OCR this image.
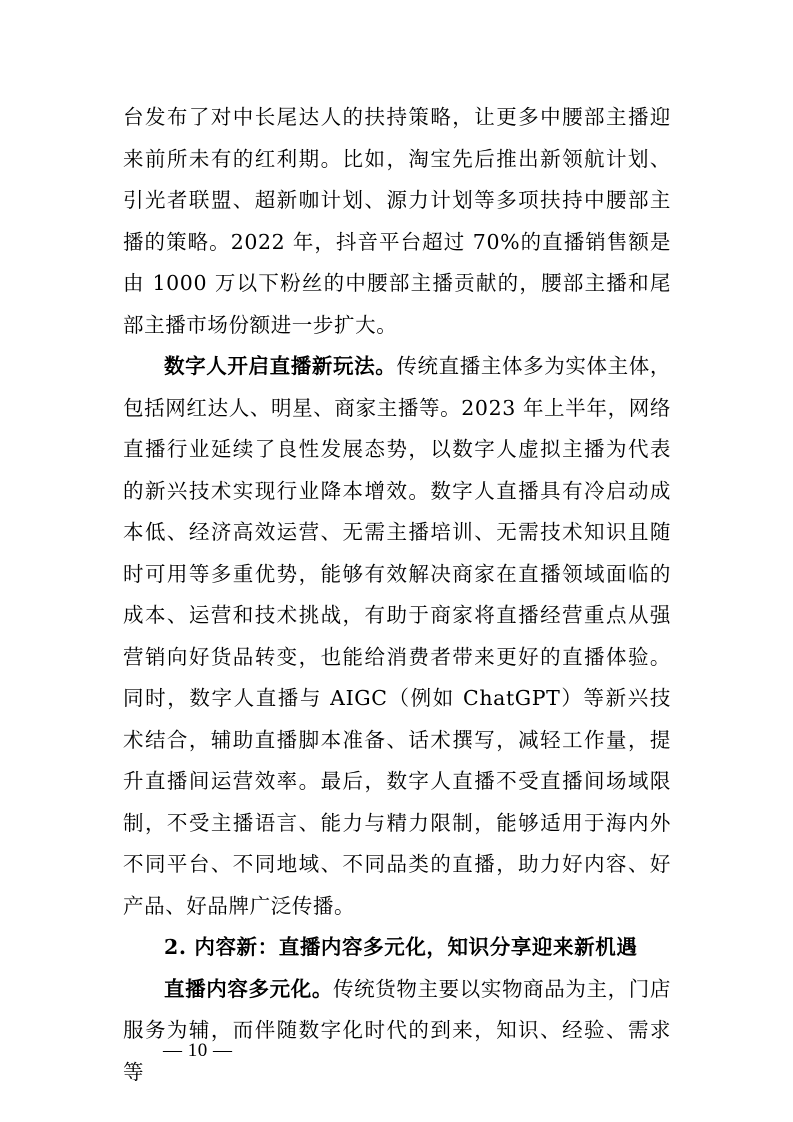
台发布了对中长尾达人的扶持策略，让更多中腰部主播迎来前所未有的红利期。比如，淘宝先后推出新领航计划、引光者联盟、超新咖计划、源力计划等多项扶持中腰部主播的策略。2022 年，抖音平台超过 70%的直播销售额是由 1000 万以下粉丝的中腰部主播贡献的，腰部主播和尾部主播市场份额进一步扩大。

数字人开启直播新玩法。传统直播主体多为实体主体，包括网红达人、明星、商家主播等。2023 年上半年，网络直播行业延续了良性发展态势，以数字人虚拟主播为代表的新兴技术实现行业降本增效。数字人直播具有冷启动成本低、经济高效运营、无需主播培训、无需技术知识且随时可用等多重优势，能够有效解决商家在直播领域面临的成本、运营和技术挑战，有助于商家将直播经营重点从强营销向好货品转变，也能给消费者带来更好的直播体验。同时，数字人直播与 AIGC（例如 ChatGPT）等新兴技术结合，辅助直播脚本准备、话术撰写，减轻工作量，提升直播间运营效率。最后，数字人直播不受直播间场域限制，不受主播语言、能力与精力限制，能够适用于海内外不同平台、不同地域、不同品类的直播，助力好内容、好产品、好品牌广泛传播。

2. 内容新：直播内容多元化，知识分享迎来新机遇

直播内容多元化。传统货物主要以实物商品为主，门店服务为辅，而伴随数字化时代的到来，知识、经验、需求等

— 10 —
